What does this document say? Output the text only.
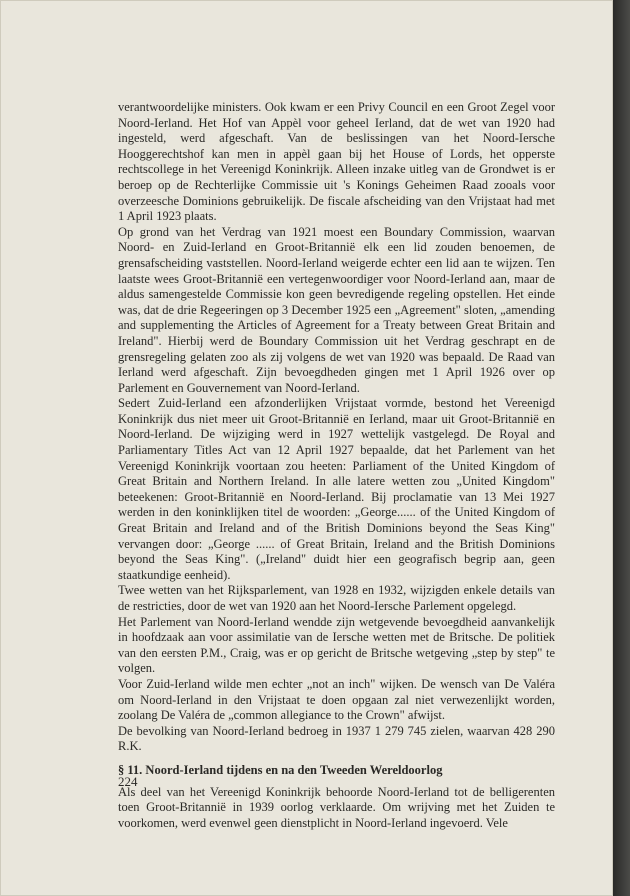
verantwoordelijke ministers. Ook kwam er een Privy Council en een Groot Zegel voor Noord-Ierland. Het Hof van Appèl voor geheel Ierland, dat de wet van 1920 had ingesteld, werd afgeschaft. Van de beslissingen van het Noord-Iersche Hooggerechtshof kan men in appèl gaan bij het House of Lords, het opperste rechtscollege in het Vereenigd Koninkrijk. Alleen inzake uitleg van de Grondwet is er beroep op de Rechterlijke Commissie uit 's Konings Geheimen Raad zooals voor overzeesche Dominions gebruikelijk. De fiscale afscheiding van den Vrijstaat had met 1 April 1923 plaats.

Op grond van het Verdrag van 1921 moest een Boundary Commission, waarvan Noord- en Zuid-Ierland en Groot-Britannië elk een lid zouden benoemen, de grensafscheiding vaststellen. Noord-Ierland weigerde echter een lid aan te wijzen. Ten laatste wees Groot-Britannië een vertegenwoordiger voor Noord-Ierland aan, maar de aldus samengestelde Commissie kon geen bevredigende regeling opstellen. Het einde was, dat de drie Regeeringen op 3 December 1925 een „Agreement" sloten, „amending and supplementing the Articles of Agreement for a Treaty between Great Britain and Ireland". Hierbij werd de Boundary Commission uit het Verdrag geschrapt en de grensregeling gelaten zoo als zij volgens de wet van 1920 was bepaald. De Raad van Ierland werd afgeschaft. Zijn bevoegdheden gingen met 1 April 1926 over op Parlement en Gouvernement van Noord-Ierland.

Sedert Zuid-Ierland een afzonderlijken Vrijstaat vormde, bestond het Vereenigd Koninkrijk dus niet meer uit Groot-Britannië en Ierland, maar uit Groot-Britannië en Noord-Ierland. De wijziging werd in 1927 wettelijk vastgelegd. De Royal and Parliamentary Titles Act van 12 April 1927 bepaalde, dat het Parlement van het Vereenigd Koninkrijk voortaan zou heeten: Parliament of the United Kingdom of Great Britain and Northern Ireland. In alle latere wetten zou „United Kingdom" beteekenen: Groot-Britannië en Noord-Ierland. Bij proclamatie van 13 Mei 1927 werden in den koninklijken titel de woorden: „George...... of the United Kingdom of Great Britain and Ireland and of the British Dominions beyond the Seas King" vervangen door: „George ...... of Great Britain, Ireland and the British Dominions beyond the Seas King". („Ireland" duidt hier een geografisch begrip aan, geen staatkundige eenheid).

Twee wetten van het Rijksparlement, van 1928 en 1932, wijzigden enkele details van de restricties, door de wet van 1920 aan het Noord-Iersche Parlement opgelegd.

Het Parlement van Noord-Ierland wendde zijn wetgevende bevoegdheid aanvankelijk in hoofdzaak aan voor assimilatie van de Iersche wetten met de Britsche. De politiek van den eersten P.M., Craig, was er op gericht de Britsche wetgeving „step by step" te volgen.

Voor Zuid-Ierland wilde men echter „not an inch" wijken. De wensch van De Valéra om Noord-Ierland in den Vrijstaat te doen opgaan zal niet verwezenlijkt worden, zoolang De Valéra de „common allegiance to the Crown" afwijst.

De bevolking van Noord-Ierland bedroeg in 1937 1 279 745 zielen, waarvan 428 290 R.K.

§ 11. Noord-Ierland tijdens en na den Tweeden Wereldoorlog

Als deel van het Vereenigd Koninkrijk behoorde Noord-Ierland tot de belligerenten toen Groot-Britannië in 1939 oorlog verklaarde. Om wrijving met het Zuiden te voorkomen, werd evenwel geen dienstplicht in Noord-Ierland ingevoerd. Vele

224
